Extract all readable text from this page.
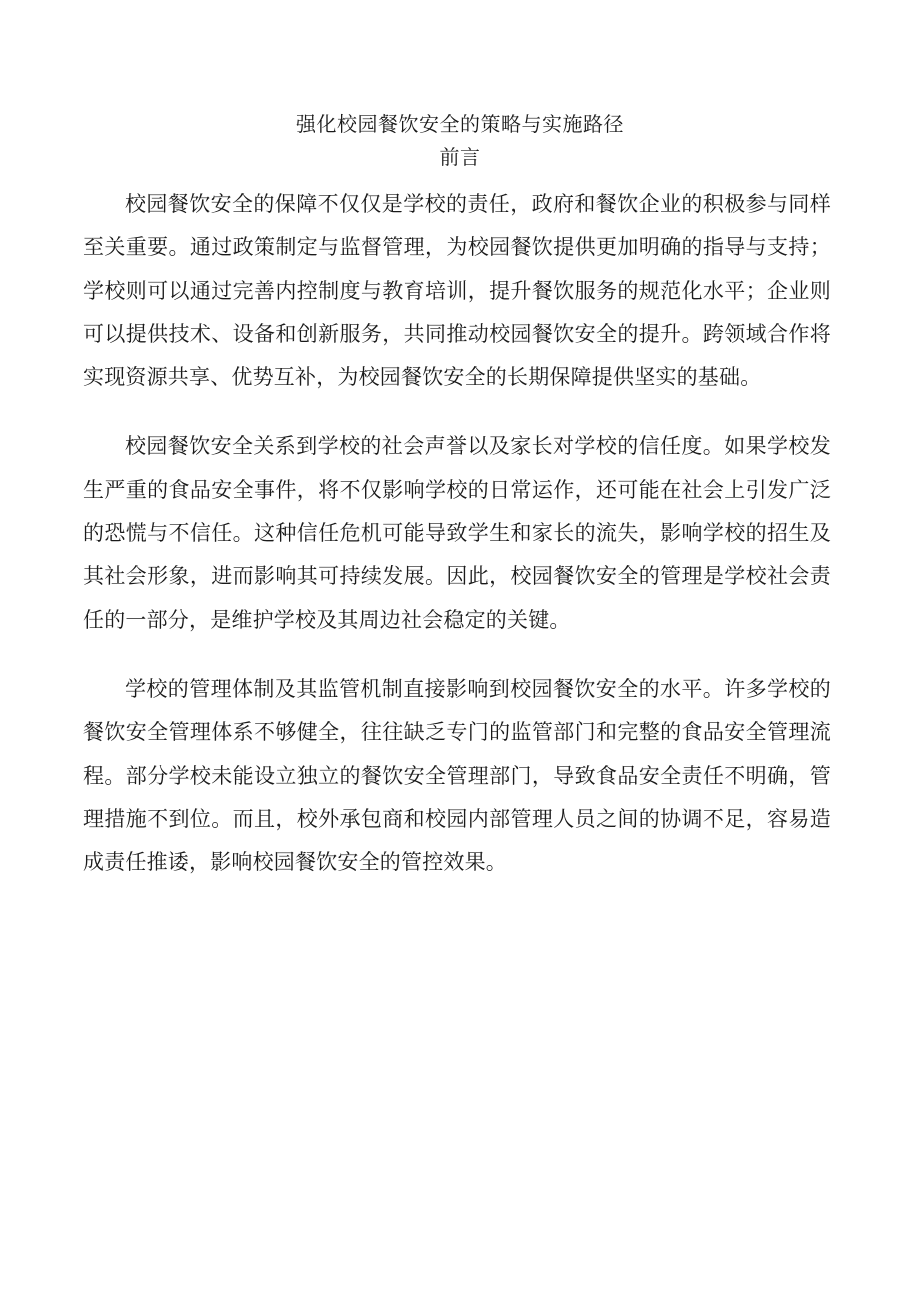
强化校园餐饮安全的策略与实施路径
前言

校园餐饮安全的保障不仅仅是学校的责任，政府和餐饮企业的积极参与同样至关重要。通过政策制定与监督管理，为校园餐饮提供更加明确的指导与支持；学校则可以通过完善内控制度与教育培训，提升餐饮服务的规范化水平；企业则可以提供技术、设备和创新服务，共同推动校园餐饮安全的提升。跨领域合作将实现资源共享、优势互补，为校园餐饮安全的长期保障提供坚实的基础。

校园餐饮安全关系到学校的社会声誉以及家长对学校的信任度。如果学校发生严重的食品安全事件，将不仅影响学校的日常运作，还可能在社会上引发广泛的恐慌与不信任。这种信任危机可能导致学生和家长的流失，影响学校的招生及其社会形象，进而影响其可持续发展。因此，校园餐饮安全的管理是学校社会责任的一部分，是维护学校及其周边社会稳定的关键。

学校的管理体制及其监管机制直接影响到校园餐饮安全的水平。许多学校的餐饮安全管理体系不够健全，往往缺乏专门的监管部门和完整的食品安全管理流程。部分学校未能设立独立的餐饮安全管理部门，导致食品安全责任不明确，管理措施不到位。而且，校外承包商和校园内部管理人员之间的协调不足，容易造成责任推诿，影响校园餐饮安全的管控效果。
